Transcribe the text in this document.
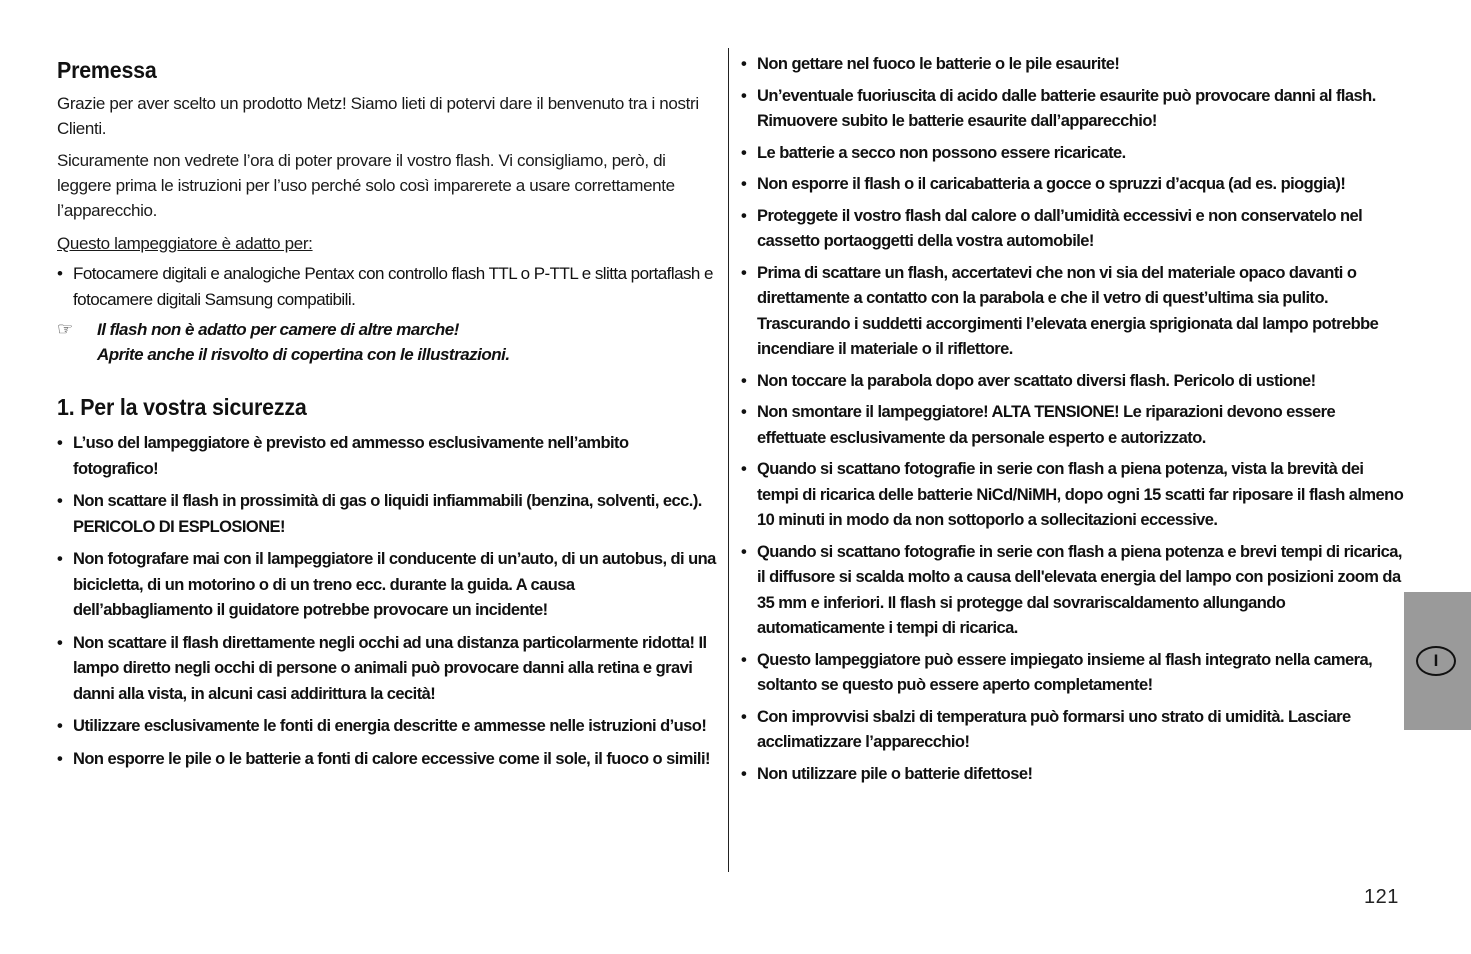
Premessa
Grazie per aver scelto un prodotto Metz! Siamo lieti di potervi dare il benvenuto tra i nostri Clienti.
Sicuramente non vedrete l’ora di poter provare il vostro flash. Vi consigliamo, però, di leggere prima le istruzioni per l’uso perché solo così imparerete a usare correttamente l’apparecchio.
Questo lampeggiatore è adatto per:
• Fotocamere digitali e analogiche Pentax con controllo flash TTL o P-TTL e slitta portaflash e fotocamere digitali Samsung compatibili.
☞	Il flash non è adatto per camere di altre marche!
Aprite anche il risvolto di copertina con le illustrazioni.
1. Per la vostra sicurezza
• L’uso del lampeggiatore è previsto ed ammesso esclusivamente nell’ambito fotografico!
• Non scattare il flash in prossimità di gas o liquidi infiammabili (benzina, solventi, ecc.). PERICOLO DI ESPLOSIONE!
• Non fotografare mai con il lampeggiatore il conducente di un’auto, di un autobus, di una bicicletta, di un motorino o di un treno ecc. durante la guida. A causa dell’abbagliamento il guidatore potrebbe provocare un incidente!
• Non scattare il flash direttamente negli occhi ad una distanza particolarmente ridotta! Il lampo diretto negli occhi di persone o animali può provocare danni alla retina e gravi danni alla vista, in alcuni casi addirittura la cecità!
• Utilizzare esclusivamente le fonti di energia descritte e ammesse nelle istruzioni d’uso!
• Non esporre le pile o le batterie a fonti di calore eccessive come il sole, il fuoco o simili!
• Non gettare nel fuoco le batterie o le pile esaurite!
• Un’eventuale fuoriuscita di acido dalle batterie esaurite può provocare danni al flash. Rimuovere subito le batterie esaurite dall’apparecchio!
• Le batterie a secco non possono essere ricaricate.
• Non esporre il flash o il caricabatteria a gocce o spruzzi d’acqua (ad es. pioggia)!
• Proteggete il vostro flash dal calore o dall’umidità eccessivi e non conservatelo nel cassetto portaoggetti della vostra automobile!
• Prima di scattare un flash, accertatevi che non vi sia del materiale opaco davanti o direttamente a contatto con la parabola e che il vetro di quest’ultima sia pulito. Trascurando i suddetti accorgimenti l’elevata energia sprigionata dal lampo potrebbe incendiare il materiale o il riflettore.
• Non toccare la parabola dopo aver scattato diversi flash. Pericolo di ustione!
• Non smontare il lampeggiatore! ALTA TENSIONE! Le riparazioni devono essere effettuate esclusivamente da personale esperto e autorizzato.
• Quando si scattano fotografie in serie con flash a piena potenza, vista la brevità dei tempi di ricarica delle batterie NiCd/NiMH, dopo ogni 15 scatti far riposare il flash almeno 10 minuti in modo da non sottoporlo a sollecitazioni eccessive.
• Quando si scattano fotografie in serie con flash a piena potenza e brevi tempi di ricarica, il diffusore si scalda molto a causa dell'elevata energia del lampo con posizioni zoom da 35 mm e inferiori. Il flash si protegge dal sovrariscaldamento allungando automaticamente i tempi di ricarica.
• Questo lampeggiatore può essere impiegato insieme al flash integrato nella camera, soltanto se questo può essere aperto completamente!
• Con improvvisi sbalzi di temperatura può formarsi uno strato di umidità. Lasciare acclimatizzare l’apparecchio!
• Non utilizzare pile o batterie difettose!
I
121
